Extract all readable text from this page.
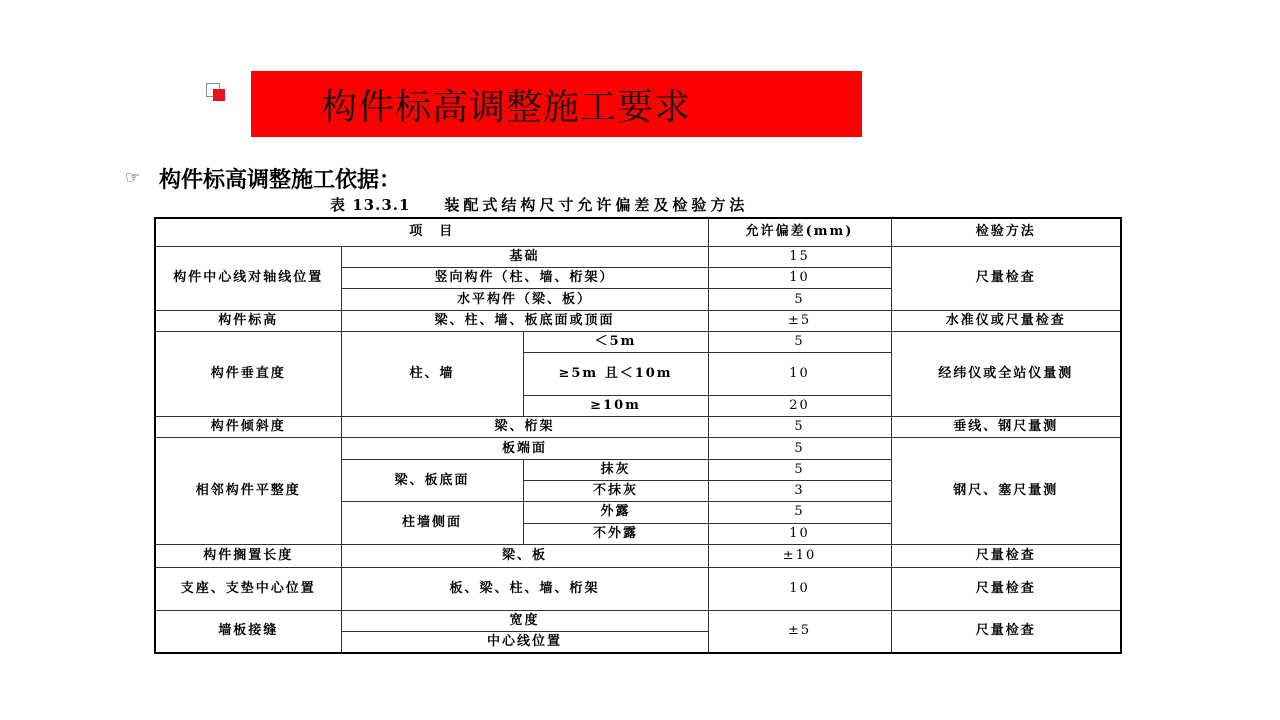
构件标高调整施工要求
☞ 构件标高调整施工依据：
表 13.3.1 装配式结构尺寸允许偏差及检验方法
项　目			允许偏差(mm)	检验方法
构件中心线对轴线位置	基础		15	尺量检查
	竖向构件（柱、墙、桁架）		10	
	水平构件（梁、板）		5	
构件标高	梁、柱、墙、板底面或顶面		±5	水准仪或尺量检查
构件垂直度	柱、墙	＜5m	5	经纬仪或全站仪量测
		≥5m 且＜10m	10	
		≥10m	20	
构件倾斜度	梁、桁架		5	垂线、钢尺量测
相邻构件平整度	板端面		5	钢尺、塞尺量测
	梁、板底面	抹灰	5	
		不抹灰	3	
	柱墙侧面	外露	5	
		不外露	10	
构件搁置长度	梁、板		±10	尺量检查
支座、支垫中心位置	板、梁、柱、墙、桁架		10	尺量检查
墙板接缝	宽度		±5	尺量检查
	中心线位置			
